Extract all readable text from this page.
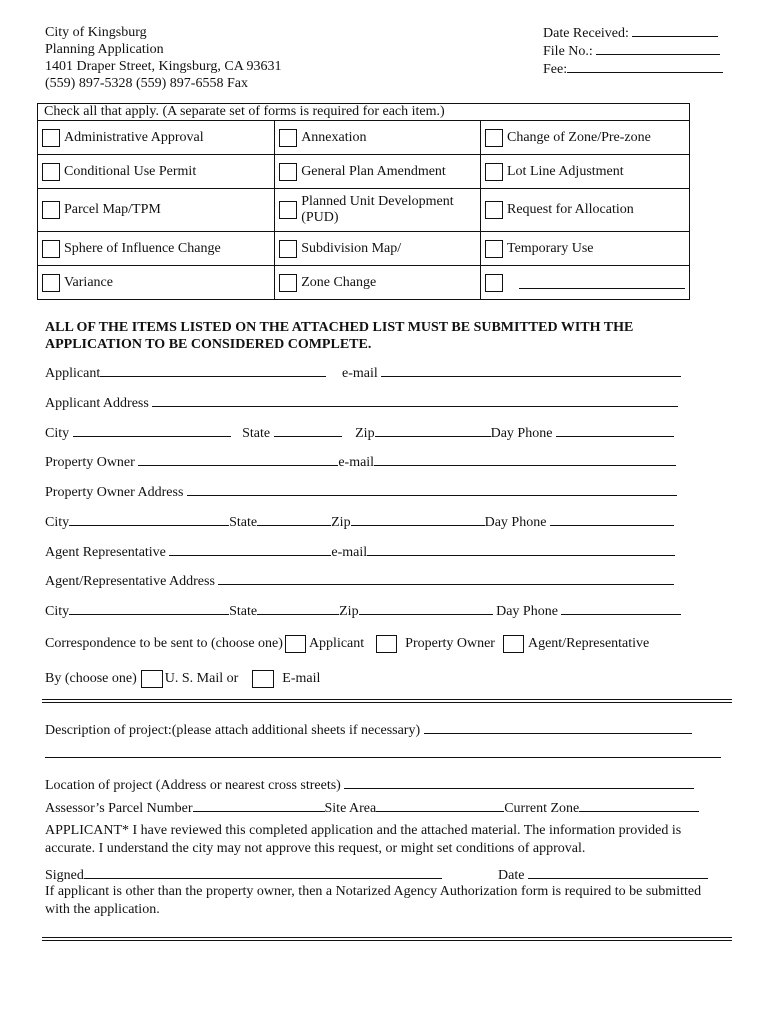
City of Kingsburg
Planning Application
1401 Draper Street, Kingsburg, CA 93631
(559) 897-5328 (559) 897-6558 Fax
Date Received:
File No.:
Fee:
Check all that apply. (A separate set of forms is required for each item.)		

Administrative Approval	Annexation	Change of Zone/Pre-zone

Conditional Use Permit	General Plan Amendment	Lot Line Adjustment

Parcel Map/TPM	Planned Unit Development (PUD)	Request for Allocation

Sphere of Influence Change	Subdivision Map/	Temporary Use

Variance	Zone Change	

ALL OF THE ITEMS LISTED ON THE ATTACHED LIST MUST BE SUBMITTED WITH THE APPLICATION TO BE CONSIDERED COMPLETE.
Applicant	e-mail
Applicant Address
City	State	Zip	Day Phone
Property Owner	e-mail
Property Owner Address
City	State	Zip	Day Phone
Agent Representative	e-mail
Agent/Representative Address
City	State	Zip	Day Phone
Correspondence to be sent to (choose one) Applicant	Property Owner Agent/Representative
By (choose one) U. S. Mail or	E-mail
Description of project:(please attach additional sheets if necessary)
Location of project (Address or nearest cross streets)
Assessor’s Parcel Number	Site Area	Current Zone
APPLICANT* I have reviewed this completed application and the attached material. The information provided is accurate. I understand the city may not approve this request, or might set conditions of approval.
Signed	Date
If applicant is other than the property owner, then a Notarized Agency Authorization form is required to be submitted with the application.
